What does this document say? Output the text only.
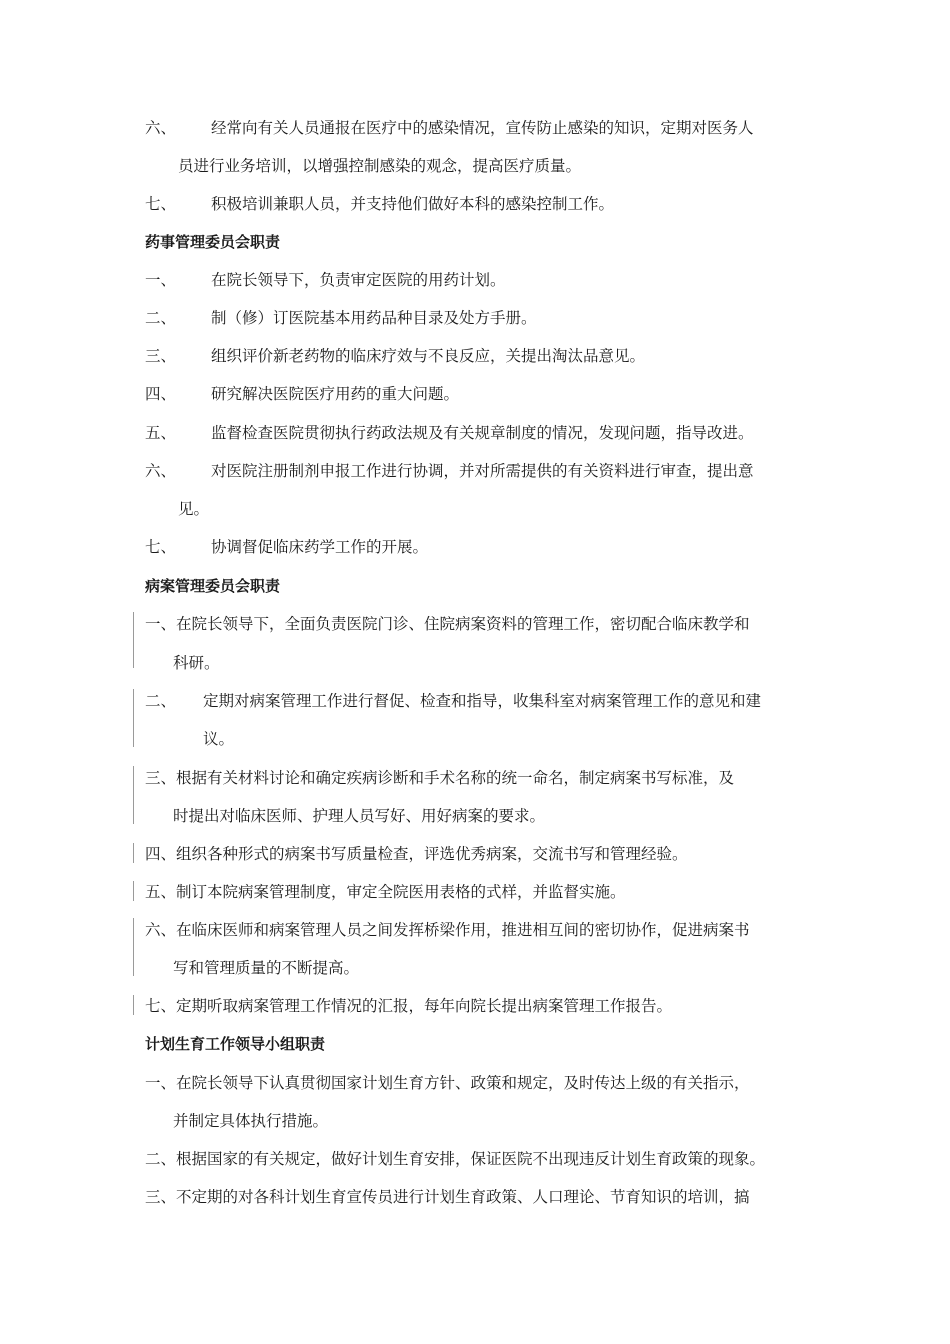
六、 经常向有关人员通报在医疗中的感染情况，宣传防止感染的知识，定期对医务人
员进行业务培训，以增强控制感染的观念，提高医疗质量。
七、 积极培训兼职人员，并支持他们做好本科的感染控制工作。
药事管理委员会职责
一、 在院长领导下，负责审定医院的用药计划。
二、 制（修）订医院基本用药品种目录及处方手册。
三、 组织评价新老药物的临床疗效与不良反应，关提出淘汰品意见。
四、 研究解决医院医疗用药的重大问题。
五、 监督检查医院贯彻执行药政法规及有关规章制度的情况，发现问题，指导改进。
六、 对医院注册制剂申报工作进行协调，并对所需提供的有关资料进行审查，提出意
见。
七、 协调督促临床药学工作的开展。
病案管理委员会职责
一、在院长领导下，全面负责医院门诊、住院病案资料的管理工作，密切配合临床教学和
科研。
二、 定期对病案管理工作进行督促、检查和指导，收集科室对病案管理工作的意见和建
议。
三、根据有关材料讨论和确定疾病诊断和手术名称的统一命名，制定病案书写标准，及
时提出对临床医师、护理人员写好、用好病案的要求。
四、组织各种形式的病案书写质量检查，评选优秀病案，交流书写和管理经验。
五、制订本院病案管理制度，审定全院医用表格的式样，并监督实施。
六、在临床医师和病案管理人员之间发挥桥梁作用，推进相互间的密切协作，促进病案书
写和管理质量的不断提高。
七、定期听取病案管理工作情况的汇报，每年向院长提出病案管理工作报告。
计划生育工作领导小组职责
一、在院长领导下认真贯彻国家计划生育方针、政策和规定，及时传达上级的有关指示，
并制定具体执行措施。
二、根据国家的有关规定，做好计划生育安排，保证医院不出现违反计划生育政策的现象。
三、不定期的对各科计划生育宣传员进行计划生育政策、人口理论、节育知识的培训，搞
